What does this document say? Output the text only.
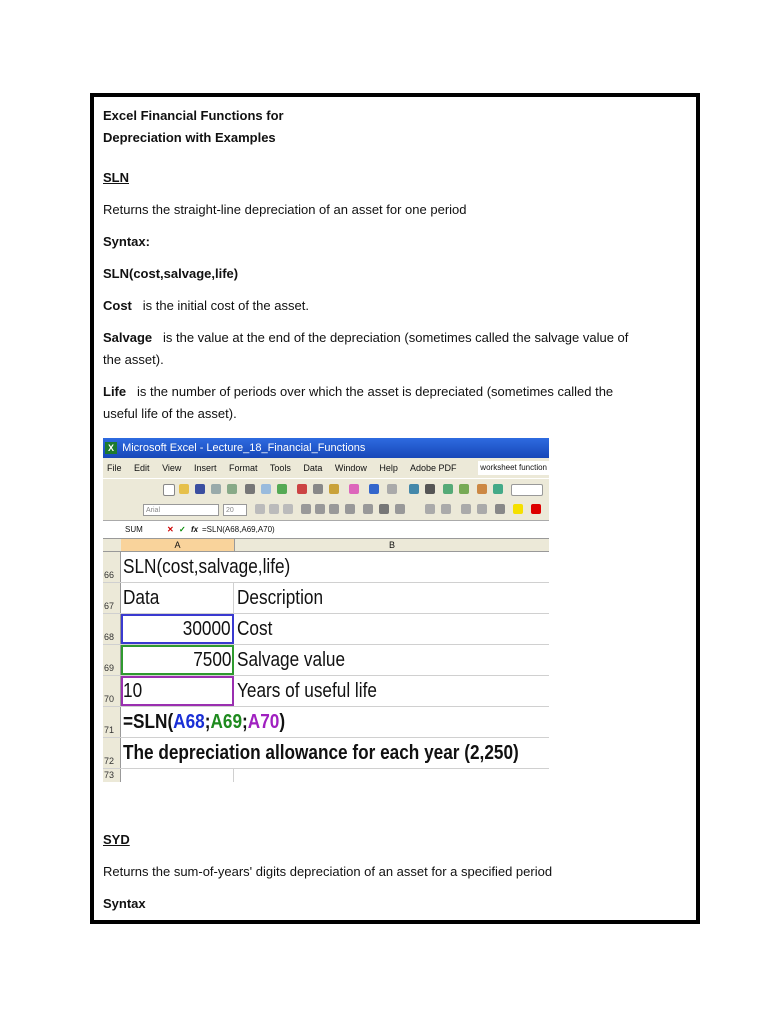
Excel Financial Functions for

Depreciation with Examples

SLN

Returns the straight-line depreciation of an asset for one period

Syntax:

SLN(cost,salvage,life)

Cost is the initial cost of the asset.

Salvage is the value at the end of the depreciation (sometimes called the salvage value of
the asset).

Life is the number of periods over which the asset is depreciated (sometimes called the
useful life of the asset).

X Microsoft Excel - Lecture_18_Financial_Functions
File Edit View Insert Format Tools Data Window Help Adobe PDF	worksheet function
Arial	20
SUM	✕ ✓ fx =SLN(A68,A69,A70)
A	B
66 SLN(cost,salvage,life)
67 Data	Description
68	30000 Cost
69	7500 Salvage value
70 10	Years of useful life
71 =SLN(A68;A69;A70)
72 The depreciation allowance for each year (2,250)
73

SYD

Returns the sum-of-years' digits depreciation of an asset for a specified period

Syntax
